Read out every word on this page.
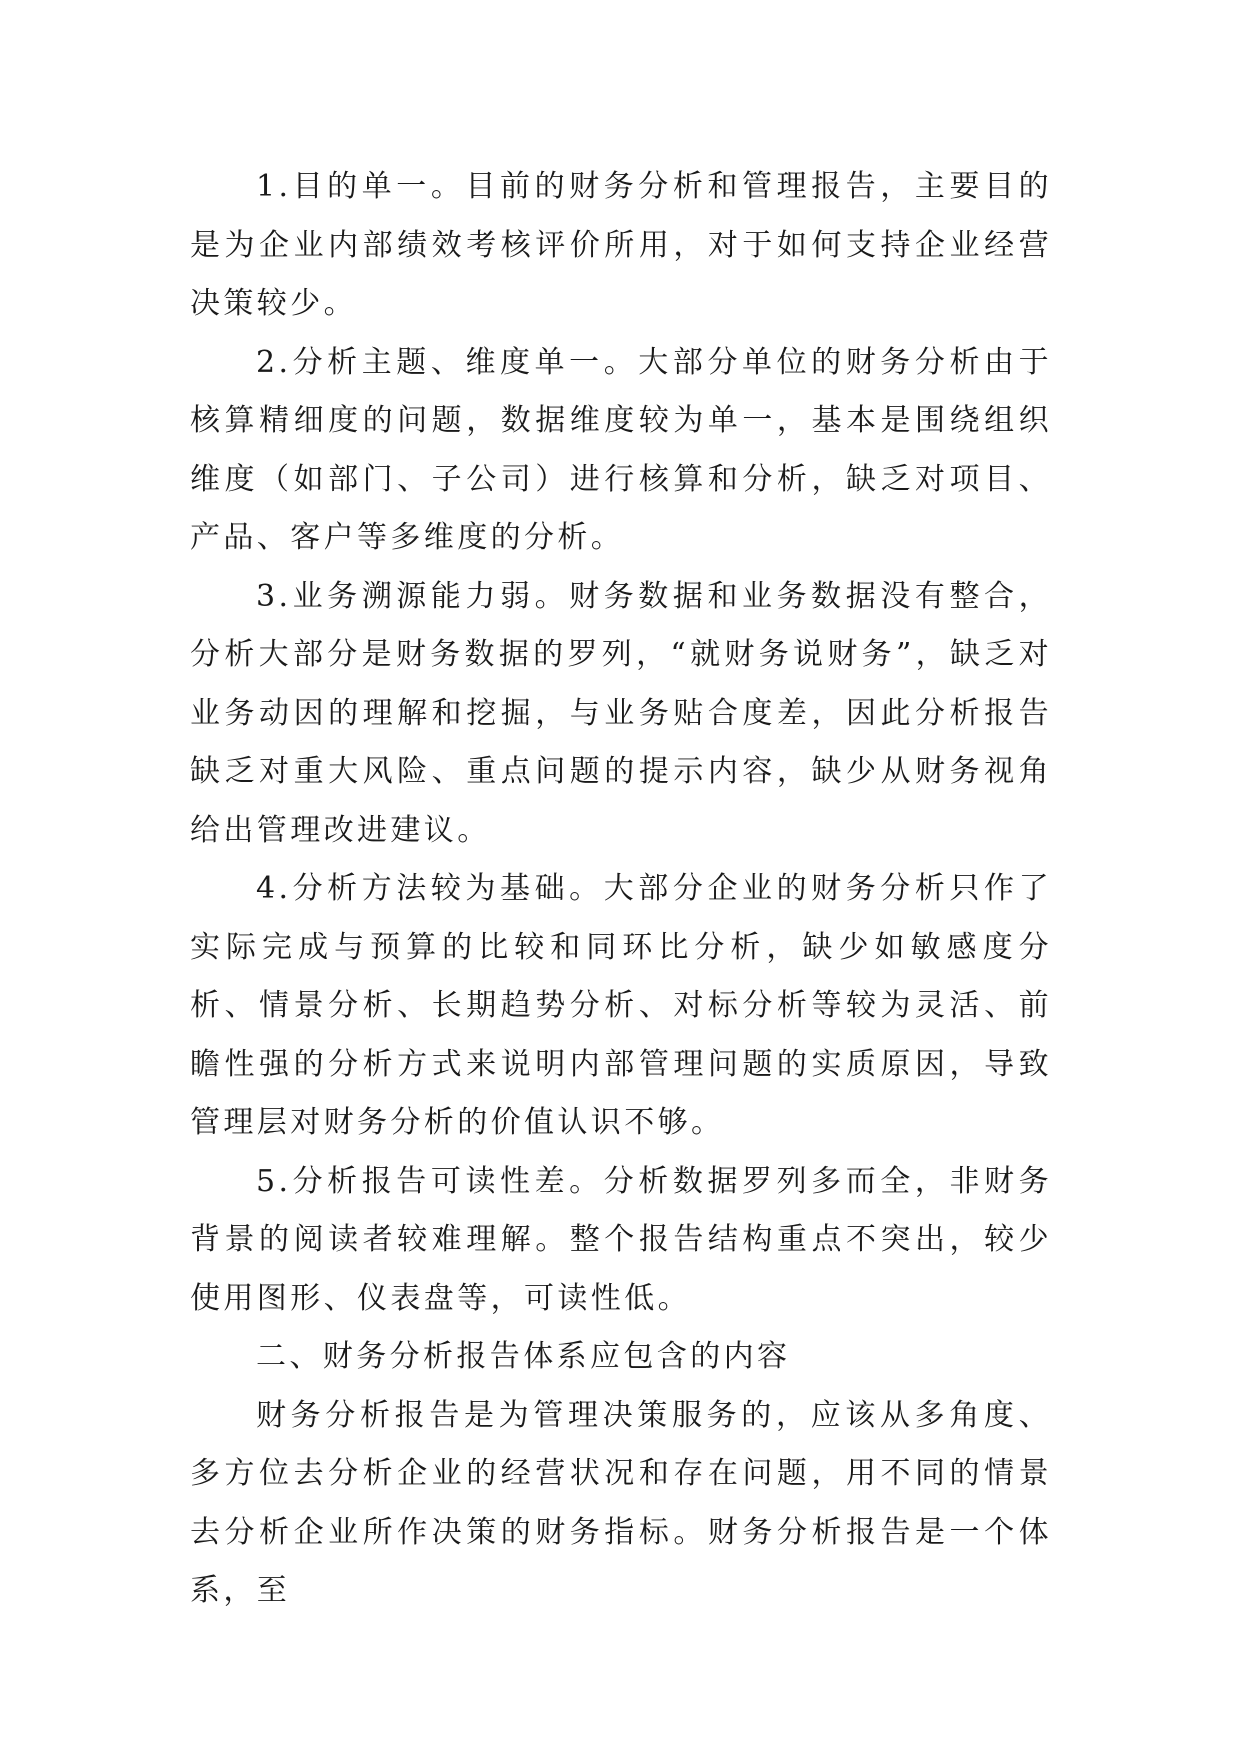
1.目的单一。目前的财务分析和管理报告，主要目的是为企业内部绩效考核评价所用，对于如何支持企业经营决策较少。

2.分析主题、维度单一。大部分单位的财务分析由于核算精细度的问题，数据维度较为单一，基本是围绕组织维度（如部门、子公司）进行核算和分析，缺乏对项目、产品、客户等多维度的分析。

3.业务溯源能力弱。财务数据和业务数据没有整合，分析大部分是财务数据的罗列，“就财务说财务”，缺乏对业务动因的理解和挖掘，与业务贴合度差，因此分析报告缺乏对重大风险、重点问题的提示内容，缺少从财务视角给出管理改进建议。

4.分析方法较为基础。大部分企业的财务分析只作了实际完成与预算的比较和同环比分析，缺少如敏感度分析、情景分析、长期趋势分析、对标分析等较为灵活、前瞻性强的分析方式来说明内部管理问题的实质原因，导致管理层对财务分析的价值认识不够。

5.分析报告可读性差。分析数据罗列多而全，非财务背景的阅读者较难理解。整个报告结构重点不突出，较少使用图形、仪表盘等，可读性低。

二、财务分析报告体系应包含的内容

财务分析报告是为管理决策服务的，应该从多角度、多方位去分析企业的经营状况和存在问题，用不同的情景去分析企业所作决策的财务指标。财务分析报告是一个体系，至
